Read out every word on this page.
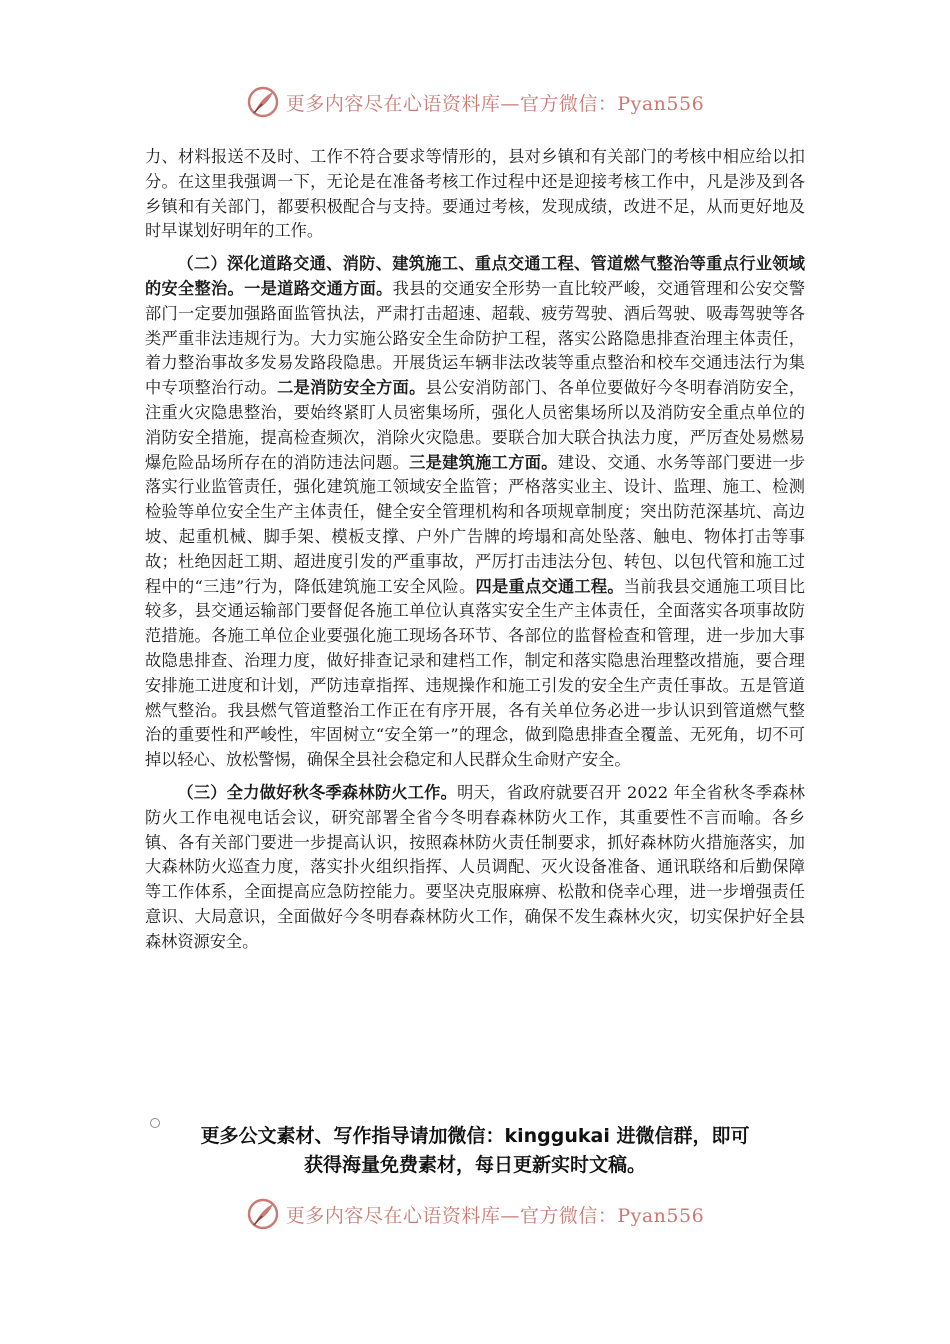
更多内容尽在心语资料库—官方微信：Pyan556

力、材料报送不及时、工作不符合要求等情形的，县对乡镇和有关部门的考核中相应给以扣分。在这里我强调一下，无论是在准备考核工作过程中还是迎接考核工作中，凡是涉及到各乡镇和有关部门，都要积极配合与支持。要通过考核，发现成绩，改进不足，从而更好地及时早谋划好明年的工作。

（二）深化道路交通、消防、建筑施工、重点交通工程、管道燃气整治等重点行业领域的安全整治。一是道路交通方面。我县的交通安全形势一直比较严峻，交通管理和公安交警部门一定要加强路面监管执法，严肃打击超速、超载、疲劳驾驶、酒后驾驶、吸毒驾驶等各类严重非法违规行为。大力实施公路安全生命防护工程，落实公路隐患排查治理主体责任，着力整治事故多发易发路段隐患。开展货运车辆非法改装等重点整治和校车交通违法行为集中专项整治行动。二是消防安全方面。县公安消防部门、各单位要做好今冬明春消防安全，注重火灾隐患整治，要始终紧盯人员密集场所，强化人员密集场所以及消防安全重点单位的消防安全措施，提高检查频次，消除火灾隐患。要联合加大联合执法力度，严厉查处易燃易爆危险品场所存在的消防违法问题。三是建筑施工方面。建设、交通、水务等部门要进一步落实行业监管责任，强化建筑施工领域安全监管；严格落实业主、设计、监理、施工、检测检验等单位安全生产主体责任，健全安全管理机构和各项规章制度；突出防范深基坑、高边坡、起重机械、脚手架、模板支撑、户外广告牌的垮塌和高处坠落、触电、物体打击等事故；杜绝因赶工期、超进度引发的严重事故，严厉打击违法分包、转包、以包代管和施工过程中的“三违”行为，降低建筑施工安全风险。四是重点交通工程。当前我县交通施工项目比较多，县交通运输部门要督促各施工单位认真落实安全生产主体责任，全面落实各项事故防范措施。各施工单位企业要强化施工现场各环节、各部位的监督检查和管理，进一步加大事故隐患排查、治理力度，做好排查记录和建档工作，制定和落实隐患治理整改措施，要合理安排施工进度和计划，严防违章指挥、违规操作和施工引发的安全生产责任事故。五是管道燃气整治。我县燃气管道整治工作正在有序开展，各有关单位务必进一步认识到管道燃气整治的重要性和严峻性，牢固树立“安全第一”的理念，做到隐患排查全覆盖、无死角，切不可掉以轻心、放松警惕，确保全县社会稳定和人民群众生命财产安全。

（三）全力做好秋冬季森林防火工作。明天，省政府就要召开 2022 年全省秋冬季森林防火工作电视电话会议，研究部署全省今冬明春森林防火工作，其重要性不言而喻。各乡镇、各有关部门要进一步提高认识，按照森林防火责任制要求，抓好森林防火措施落实，加大森林防火巡查力度，落实扑火组织指挥、人员调配、灭火设备准备、通讯联络和后勤保障等工作体系，全面提高应急防控能力。要坚决克服麻痹、松散和侥幸心理，进一步增强责任意识、大局意识，全面做好今冬明春森林防火工作，确保不发生森林火灾，切实保护好全县森林资源安全。

更多公文素材、写作指导请加微信：kinggukai 进微信群，即可
获得海量免费素材，每日更新实时文稿。
更多内容尽在心语资料库—官方微信：Pyan556
